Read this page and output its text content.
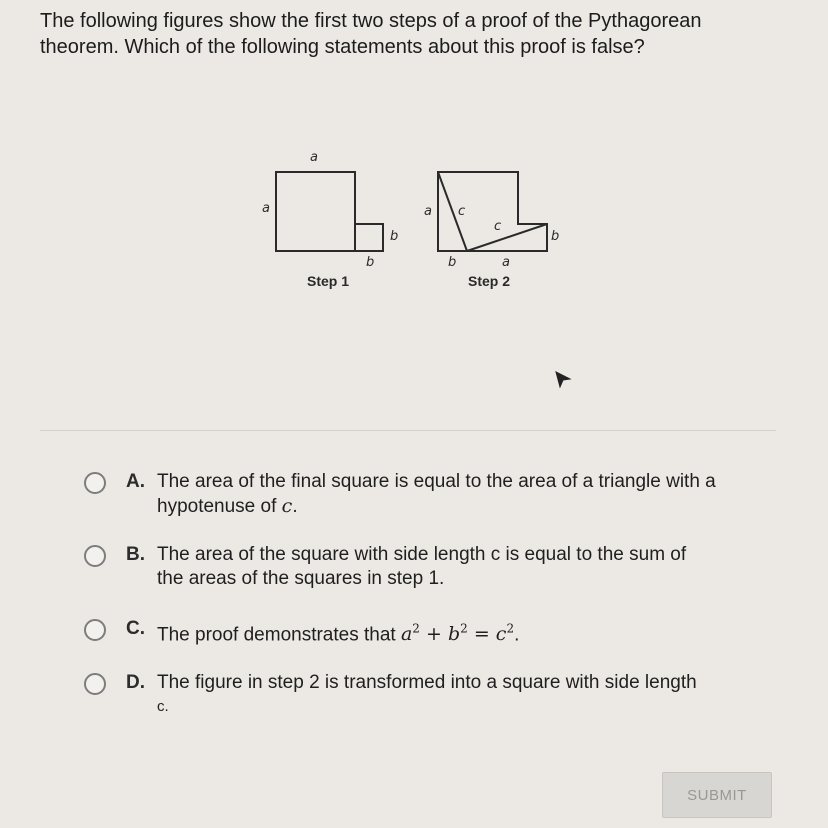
The following figures show the first two steps of a proof of the Pythagorean theorem. Which of the following statements about this proof is false?
a
a
b
b
Step 1
a c
c
b
b	a
Step 2
A. The area of the final square is equal to the area of a triangle with a
hypotenuse of c.
B. The area of the square with side length c is equal to the sum of
the areas of the squares in step 1.
C. The proof demonstrates that $a^2 + b^2 = c^2$.
D. The figure in step 2 is transformed into a square with side length
c.
SUBMIT
